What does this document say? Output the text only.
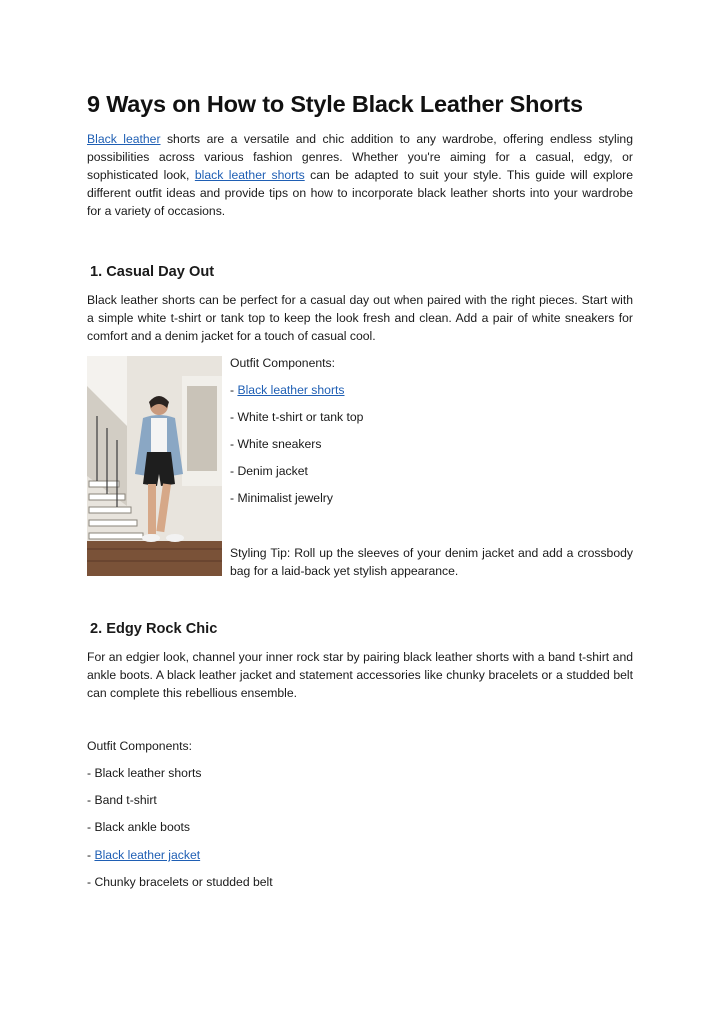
9 Ways on How to Style Black Leather Shorts

Black leather shorts are a versatile and chic addition to any wardrobe, offering endless styling possibilities across various fashion genres. Whether you're aiming for a casual, edgy, or sophisticated look, black leather shorts can be adapted to suit your style. This guide will explore different outfit ideas and provide tips on how to incorporate black leather shorts into your wardrobe for a variety of occasions.

1. Casual Day Out

Black leather shorts can be perfect for a casual day out when paired with the right pieces. Start with a simple white t-shirt or tank top to keep the look fresh and clean. Add a pair of white sneakers for comfort and a denim jacket for a touch of casual cool.

Outfit Components:

- Black leather shorts

- White t-shirt or tank top

- White sneakers

- Denim jacket

- Minimalist jewelry

Styling Tip: Roll up the sleeves of your denim jacket and add a crossbody bag for a laid-back yet stylish appearance.

2. Edgy Rock Chic

For an edgier look, channel your inner rock star by pairing black leather shorts with a band t-shirt and ankle boots. A black leather jacket and statement accessories like chunky bracelets or a studded belt can complete this rebellious ensemble.

Outfit Components:

- Black leather shorts

- Band t-shirt

- Black ankle boots

- Black leather jacket

- Chunky bracelets or studded belt
